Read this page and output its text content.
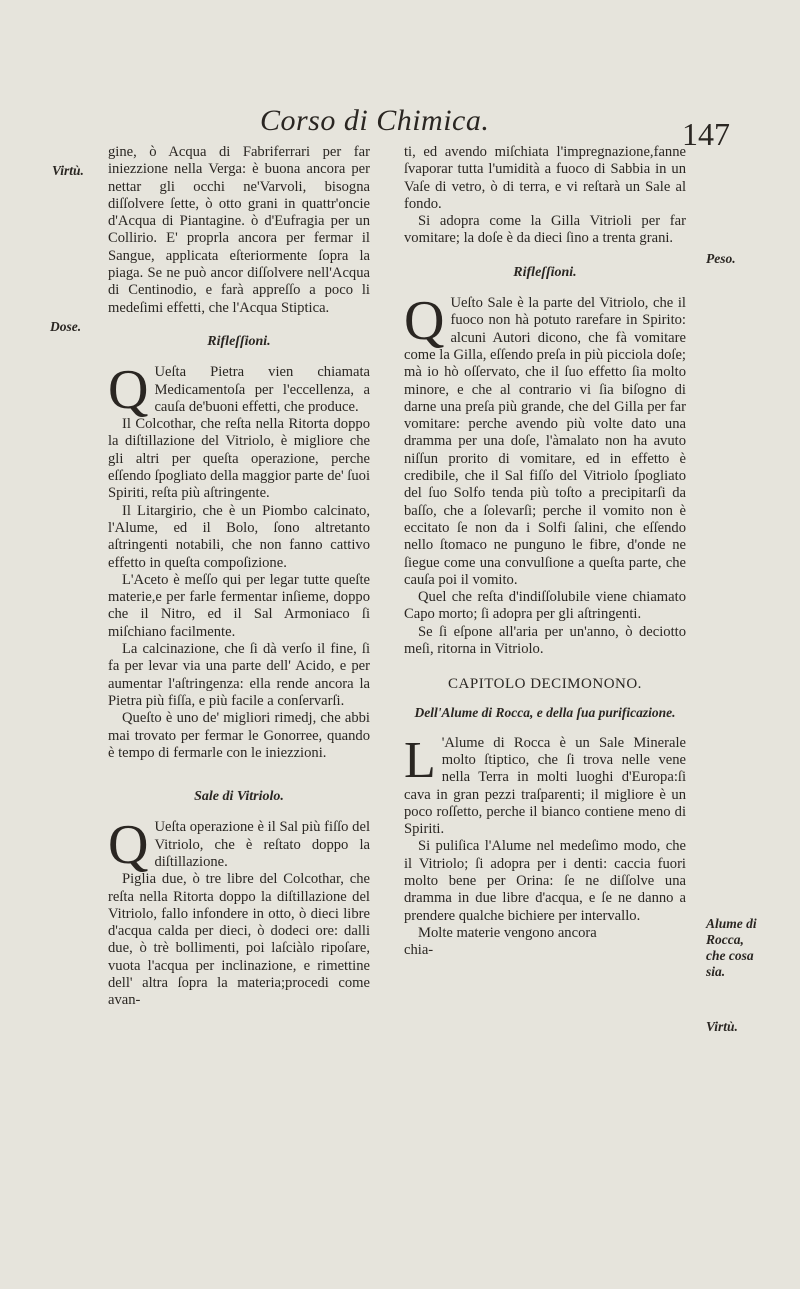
Corso di Chimica.	147
Virtù.
Dose.
Peso.
Alume di Rocca, che cosa sia.
Virtù.

gine, ò Acqua di Fabriferrari per far iniezzione nella Verga: è buona ancora per nettar gli occhi ne'Varvoli, bisogna diſſolvere ſette, ò otto grani in quattr'oncie d'Acqua di Piantagine. ò d'Eufragia per un Collirio. E' proprla ancora per fermar il Sangue, applicata eſteriormente ſopra la piaga. Se ne può ancor diſſolvere nell'Acqua di Centinodio, e farà appreſſo a poco li medeſimi effetti, che l'Acqua Stiptica.

Rifleſſioni.

Q Ueſta Pietra vien chiamata Medicamentoſa per l'eccellenza, a cauſa de'buoni effetti, che produce.

Il Colcothar, che reſta nella Ritorta doppo la diſtillazione del Vitriolo, è migliore che gli altri per queſta operazione, perche eſſendo ſpogliato della maggior parte de' ſuoi Spiriti, reſta più aſtringente.

Il Litargirio, che è un Piombo calcinato, l'Alume, ed il Bolo, ſono altretanto aſtringenti notabili, che non fanno cattivo effetto in queſta compoſizione.

L'Aceto è meſſo qui per legar tutte queſte materie,e per farle fermentar inſieme, doppo che il Nitro, ed il Sal Armoniaco ſi miſchiano facilmente.

La calcinazione, che ſi dà verſo il fine, ſi fa per levar via una parte dell' Acido, e per aumentar l'aſtringenza: ella rende ancora la Pietra più fiſſa, e più facile a conſervarſi.

Queſto è uno de' migliori rimedj, che abbi mai trovato per fermar le Gonorree, quando è tempo di fermarle con le iniezzioni.

Sale di Vitriolo.

Q Ueſta operazione è il Sal più fiſſo del Vitriolo, che è reſtato doppo la diſtillazione.

Piglia due, ò tre libre del Colcothar, che reſta nella Ritorta doppo la diſtillazione del Vitriolo, fallo infondere in otto, ò dieci libre d'acqua calda per dieci, ò dodeci ore: dalli due, ò trè bollimenti, poi laſciàlo ripoſare, vuota l'acqua per inclinazione, e rimettine dell' altra ſopra la materia;procedi come avan-

ti, ed avendo miſchiata l'impregnazione,fanne ſvaporar tutta l'umidità a fuoco di Sabbia in un Vaſe di vetro, ò di terra, e vi reſtarà un Sale al fondo.

Si adopra come la Gilla Vitrioli per far vomitare; la doſe è da dieci ſino a trenta grani.

Rifleſſioni.

Q Ueſto Sale è la parte del Vitriolo, che il fuoco non hà potuto rarefare in Spirito: alcuni Autori dicono, che fà vomitare come la Gilla, eſſendo preſa in più picciola doſe; mà io hò oſſervato, che il ſuo effetto ſia molto minore, e che al contrario vi ſia biſogno di darne una preſa più grande, che del Gilla per far vomitare: perche avendo più volte dato una dramma per una doſe, l'àmalato non ha avuto niſſun prorito di vomitare, ed in effetto è credibile, che il Sal fiſſo del Vitriolo ſpogliato del ſuo Solfo tenda più toſto a precipitarſi da baſſo, che a ſolevarſi; perche il vomito non è eccitato ſe non da i Solfi ſalini, che eſſendo nello ſtomaco ne punguno le fibre, d'onde ne ſiegue come una convulſione a queſta parte, che cauſa poi il vomito.

Quel che reſta d'indiſſolubile viene chiamato Capo morto; ſi adopra per gli aſtringenti.

Se ſi eſpone all'aria per un'anno, ò deciotto meſi, ritorna in Vitriolo.

CAPITOLO DECIMONONO.
Dell'Alume di Rocca, e della ſua purificazione.

L 'Alume di Rocca è un Sale Minerale molto ſtiptico, che ſi trova nelle vene nella Terra in molti luoghi d'Europa:ſi cava in gran pezzi traſparenti; il migliore è un poco roſſetto, perche il bianco contiene meno di Spiriti.

Si puliſica l'Alume nel medeſimo modo, che il Vitriolo; ſi adopra per i denti: caccia fuori molto bene per Orina: ſe ne diſſolve una dramma in due libre d'acqua, e ſe ne danno a prendere qualche bichiere per intervallo.

Molte materie vengono ancora

chia-
